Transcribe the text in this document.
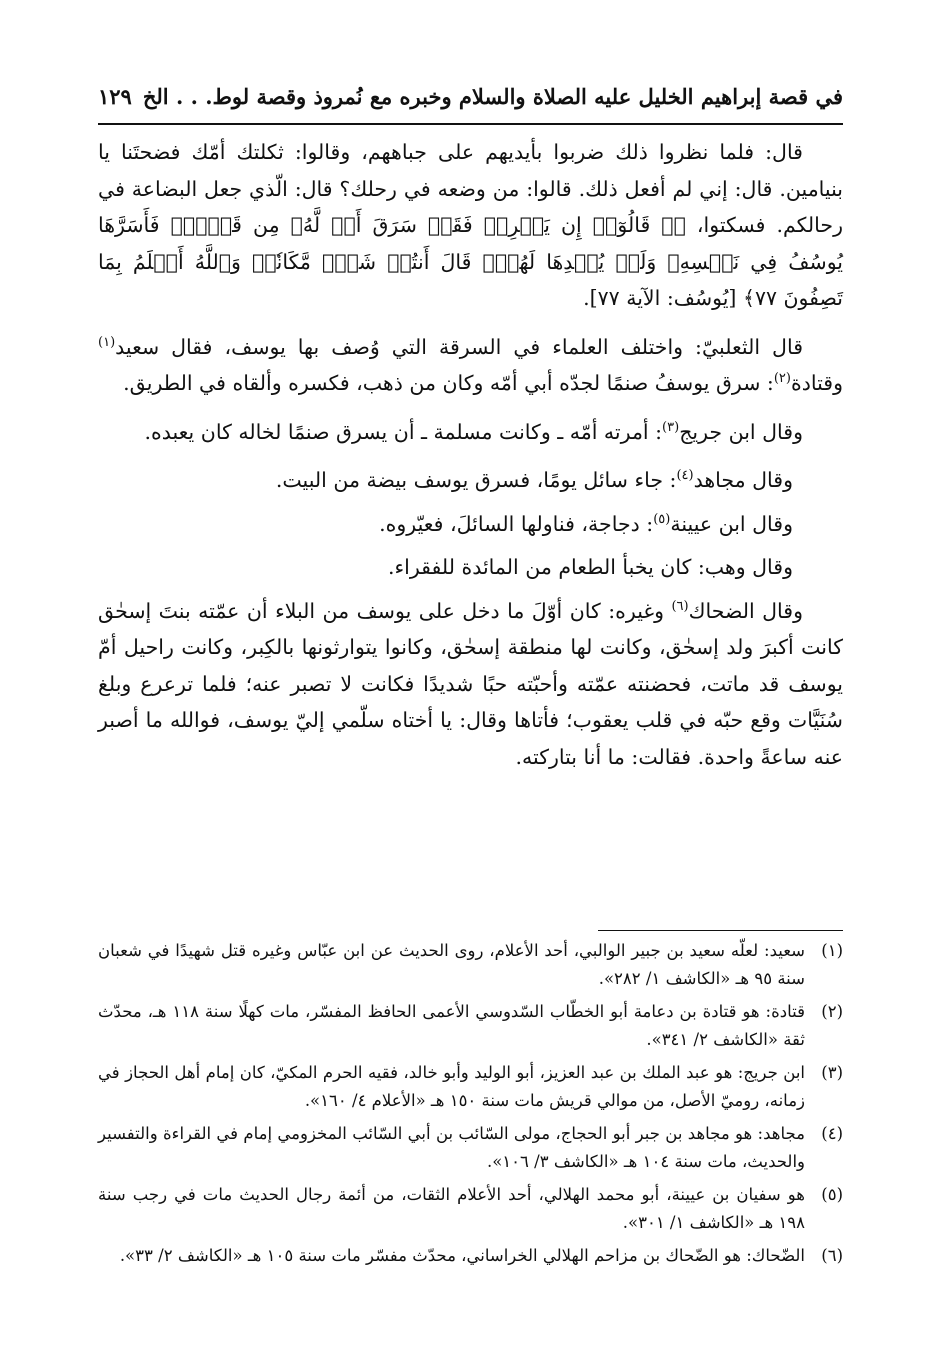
في قصة إبراهيم الخليل عليه الصلاة والسلام وخبره مع نُمروذ وقصة لوط. . . الخ
١٢٩

قال: فلما نظروا ذلك ضربوا بأيديهم على جباههم، وقالوا: ثكلتك أمّك فضحتَنا يا بنيامين. قال: إني لم أفعل ذلك. قالوا: من وضعه في رحلك؟ قال: الّذي جعل البضاعة في رحالكم. فسكتوا، ﴿۞ قَالُوٓا۟ إِن يَسۡرِقۡ فَقَدۡ سَرَقَ أَخٞ لَّهُۥ مِن قَبۡلُۚ فَأَسَرَّهَا يُوسُفُ فِي نَفۡسِهِۦ وَلَمۡ يُبۡدِهَا لَهُمۡۚ قَالَ أَنتُمۡ شَرّٞ مَّكَانٗاۖ وَٱللَّهُ أَعۡلَمُ بِمَا تَصِفُونَ ٧٧﴾ [يُوسُف: الآية ٧٧].

قال الثعلبيّ: واختلف العلماء في السرقة التي وُصف بها يوسف، فقال سعيد$^{(١)}$ وقتادة$^{(٢)}$: سرق يوسفُ صنمًا لجدّه أبي أمّه وكان من ذهب، فكسره وألقاه في الطريق.

وقال ابن جريج$^{(٣)}$: أمرته أمّه ـ وكانت مسلمة ـ أن يسرق صنمًا لخاله كان يعبده.

وقال مجاهد$^{(٤)}$: جاء سائل يومًا، فسرق يوسف بيضة من البيت.

وقال ابن عيينة$^{(٥)}$: دجاجة، فناولها السائلَ، فعيّروه.

وقال وهب: كان يخبأ الطعام من المائدة للفقراء.

وقال الضحاك$^{(٦)}$ وغيره: كان أوّلَ ما دخل على يوسف من البلاء أن عمّته بنتَ إسحٰق كانت أكبرَ ولد إسحٰق، وكانت لها منطقة إسحٰق، وكانوا يتوارثونها بالكِبر، وكانت راحيل أمّ يوسف قد ماتت، فحضنته عمّته وأحبّته حبًا شديدًا فكانت لا تصبر عنه؛ فلما ترعرع وبلغ سُنَيَّات وقع حبّه في قلب يعقوب؛ فأتاها وقال: يا أختاه سلّمي إليّ يوسف، فوالله ما أصبر عنه ساعةً واحدة. فقالت: ما أنا بتاركته.

(١)
سعيد: لعلّه سعيد بن جبير الوالبي، أحد الأعلام، روى الحديث عن ابن عبّاس وغيره قتل شهيدًا في شعبان سنة ٩٥ هـ «الكاشف ١/ ٢٨٢».
(٢)
قتادة: هو قتادة بن دعامة أبو الخطّاب السّدوسي الأعمى الحافظ المفسّر، مات كهلًا سنة ١١٨ هـ، محدّث ثقة «الكاشف ٢/ ٣٤١».
(٣)
ابن جريج: هو عبد الملك بن عبد العزيز، أبو الوليد وأبو خالد، فقيه الحرم المكيّ، كان إمام أهل الحجاز في زمانه، روميّ الأصل، من موالي قريش مات سنة ١٥٠ هـ «الأعلام ٤/ ١٦٠».
(٤)
مجاهد: هو مجاهد بن جبر أبو الحجاج، مولى السّائب بن أبي السّائب المخزومي إمام في القراءة والتفسير والحديث، مات سنة ١٠٤ هـ «الكاشف ٣/ ١٠٦».
(٥)
هو سفيان بن عيينة، أبو محمد الهلالي، أحد الأعلام الثقات، من أئمة رجال الحديث مات في رجب سنة ١٩٨ هـ «الكاشف ١/ ٣٠١».
(٦)
الضّحاك: هو الضّحاك بن مزاحم الهلالي الخراساني، محدّث مفسّر مات سنة ١٠٥ هـ «الكاشف ٢/ ٣٣».
